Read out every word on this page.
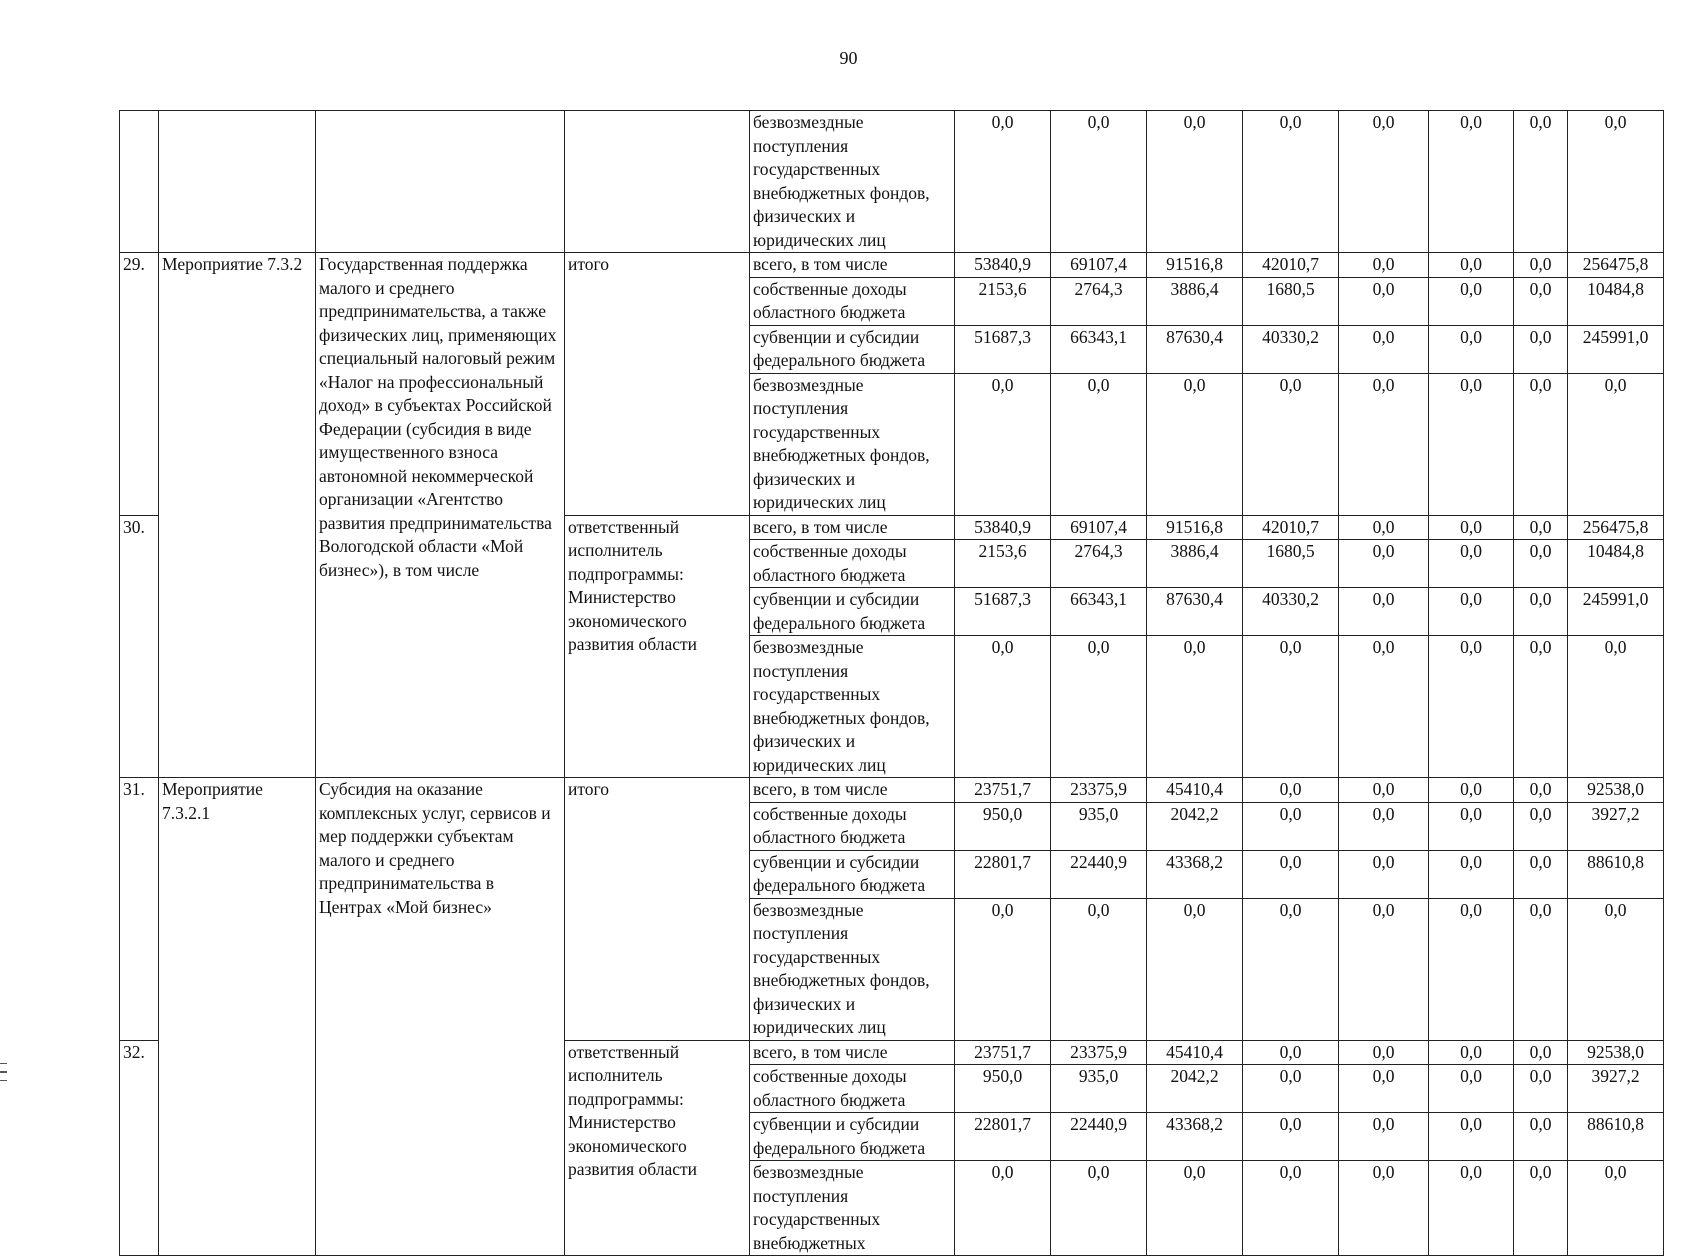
90
				безвозмездные поступления государственных внебюджетных фондов, физических и юридических лиц	0,0	0,0	0,0	0,0	0,0	0,0	0,0	0,0
29.	Мероприятие 7.3.2	Государственная поддержка малого и среднего предпринимательства, а также физических лиц, применяющих специальный налоговый режим «Налог на профессиональный доход» в субъектах Российской Федерации (субсидия в виде имущественного взноса автономной некоммерческой организации «Агентство развития предпринимательства Вологодской области «Мой бизнес»), в том числе	итого	всего, в том числе	53840,9	69107,4	91516,8	42010,7	0,0	0,0	0,0	256475,8
				собственные доходы областного бюджета	2153,6	2764,3	3886,4	1680,5	0,0	0,0	0,0	10484,8
				субвенции и субсидии федерального бюджета	51687,3	66343,1	87630,4	40330,2	0,0	0,0	0,0	245991,0
				безвозмездные поступления государственных внебюджетных фондов, физических и юридических лиц	0,0	0,0	0,0	0,0	0,0	0,0	0,0	0,0
30.			ответственный исполнитель подпрограммы: Министерство экономического развития области	всего, в том числе	53840,9	69107,4	91516,8	42010,7	0,0	0,0	0,0	256475,8
				собственные доходы областного бюджета	2153,6	2764,3	3886,4	1680,5	0,0	0,0	0,0	10484,8
				субвенции и субсидии федерального бюджета	51687,3	66343,1	87630,4	40330,2	0,0	0,0	0,0	245991,0
				безвозмездные поступления государственных внебюджетных фондов, физических и юридических лиц	0,0	0,0	0,0	0,0	0,0	0,0	0,0	0,0
31.	Мероприятие 7.3.2.1	Субсидия на оказание комплексных услуг, сервисов и мер поддержки субъектам малого и среднего предпринимательства в Центрах «Мой бизнес»	итого	всего, в том числе	23751,7	23375,9	45410,4	0,0	0,0	0,0	0,0	92538,0
				собственные доходы областного бюджета	950,0	935,0	2042,2	0,0	0,0	0,0	0,0	3927,2
				субвенции и субсидии федерального бюджета	22801,7	22440,9	43368,2	0,0	0,0	0,0	0,0	88610,8
				безвозмездные поступления государственных внебюджетных фондов, физических и юридических лиц	0,0	0,0	0,0	0,0	0,0	0,0	0,0	0,0
32.			ответственный исполнитель подпрограммы: Министерство экономического развития области	всего, в том числе	23751,7	23375,9	45410,4	0,0	0,0	0,0	0,0	92538,0
				собственные доходы областного бюджета	950,0	935,0	2042,2	0,0	0,0	0,0	0,0	3927,2
				субвенции и субсидии федерального бюджета	22801,7	22440,9	43368,2	0,0	0,0	0,0	0,0	88610,8
				безвозмездные поступления государственных внебюджетных	0,0	0,0	0,0	0,0	0,0	0,0	0,0	0,0
